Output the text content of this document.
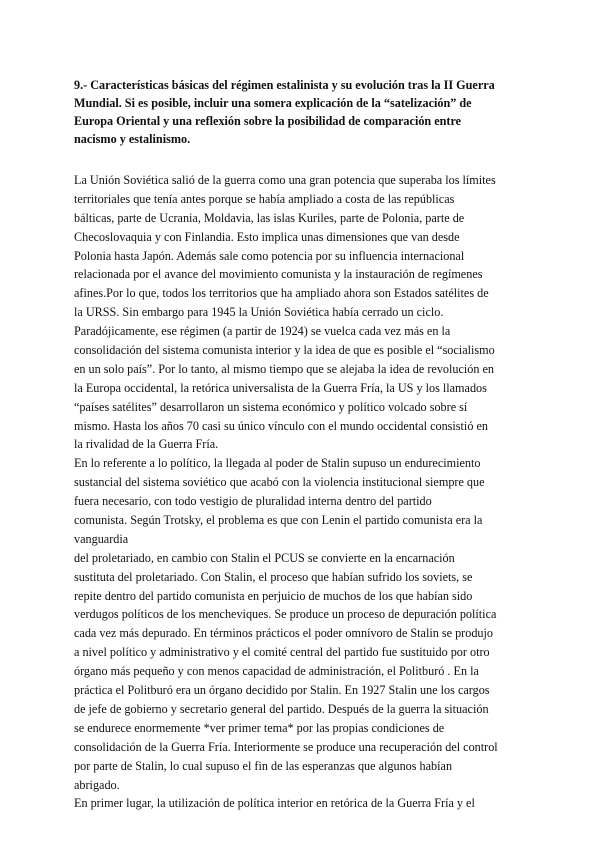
9.- Características básicas del régimen estalinista y su evolución tras la II Guerra
Mundial. Si es posible, incluir una somera explicación de la “satelización” de
Europa Oriental y una reflexión sobre la posibilidad de comparación entre
nacismo y estalinismo.
La Unión Soviética salió de la guerra como una gran potencia que superaba los límites
territoriales que tenía antes porque se había ampliado a costa de las repúblicas
bálticas, parte de Ucrania, Moldavia, las islas Kuriles, parte de Polonia, parte de
Checoslovaquia y con Finlandia. Esto implica unas dimensiones que van desde
Polonia hasta Japón. Además sale como potencia por su influencia internacional
relacionada por el avance del movimiento comunista y la instauración de regímenes
afines.Por lo que, todos los territorios que ha ampliado ahora son Estados satélites de
la URSS. Sin embargo para 1945 la Unión Soviética había cerrado un ciclo.
Paradójicamente, ese régimen (a partir de 1924) se vuelca cada vez más en la
consolidación del sistema comunista interior y la idea de que es posible el “socialismo
en un solo país”. Por lo tanto, al mismo tiempo que se alejaba la idea de revolución en
la Europa occidental, la retórica universalista de la Guerra Fría, la US y los llamados
“países satélites” desarrollaron un sistema económico y político volcado sobre sí
mismo. Hasta los años 70 casi su único vínculo con el mundo occidental consistió en
la rivalidad de la Guerra Fría.
En lo referente a lo político, la llegada al poder de Stalin supuso un endurecimiento
sustancial del sistema soviético que acabó con la violencia institucional siempre que
fuera necesario, con todo vestigio de pluralidad interna dentro del partido
comunista. Según Trotsky, el problema es que con Lenin el partido comunista era la
vanguardia
del proletariado, en cambio con Stalin el PCUS se convierte en la encarnación
sustituta del proletariado. Con Stalin, el proceso que habían sufrido los soviets, se
repite dentro del partido comunista en perjuicio de muchos de los que habían sido
verdugos políticos de los mencheviques. Se produce un proceso de depuración política
cada vez más depurado. En términos prácticos el poder omnívoro de Stalin se produjo
a nivel político y administrativo y el comité central del partido fue sustituido por otro
órgano más pequeño y con menos capacidad de administración, el Politburó . En la
práctica el Politburó era un órgano decidido por Stalin. En 1927 Stalin une los cargos
de jefe de gobierno y secretario general del partido. Después de la guerra la situación
se endurece enormemente *ver primer tema* por las propias condiciones de
consolidación de la Guerra Fría. Interiormente se produce una recuperación del control
por parte de Stalin, lo cual supuso el fin de las esperanzas que algunos habían
abrigado.
En primer lugar, la utilización de política interior en retórica de la Guerra Fría y el
